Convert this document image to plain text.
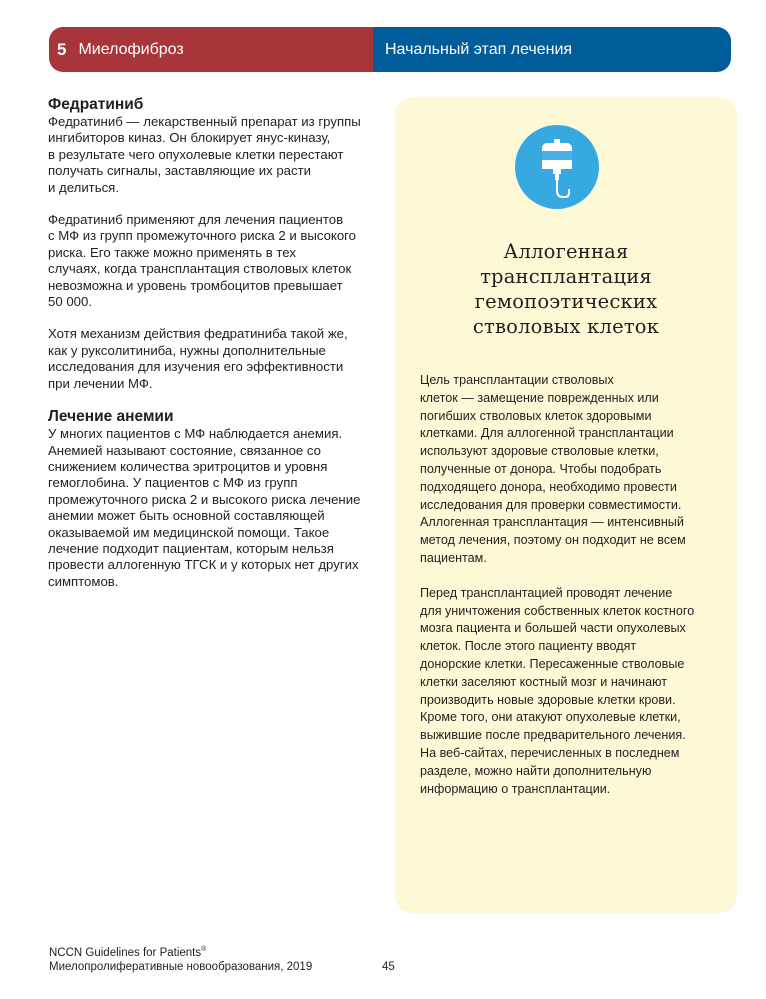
5 Миелофиброз	Начальный этап лечения
Федратиниб

Федратиниб — лекарственный препарат из группы
ингибиторов киназ. Он блокирует янус-киназу,
в результате чего опухолевые клетки перестают
получать сигналы, заставляющие их расти
и делиться.

Федратиниб применяют для лечения пациентов
с МФ из групп промежуточного риска 2 и высокого
риска. Его также можно применять в тех
случаях, когда трансплантация стволовых клеток
невозможна и уровень тромбоцитов превышает
50 000.

Хотя механизм действия федратиниба такой же,
как у руксолитиниба, нужны дополнительные
исследования для изучения его эффективности
при лечении МФ.

Лечение анемии

У многих пациентов с МФ наблюдается анемия.
Анемией называют состояние, связанное со
снижением количества эритроцитов и уровня
гемоглобина. У пациентов с МФ из групп
промежуточного риска 2 и высокого риска лечение
анемии может быть основной составляющей
оказываемой им медицинской помощи. Такое
лечение подходит пациентам, которым нельзя
провести аллогенную ТГСК и у которых нет других
симптомов.

Аллогенная
трансплантация
гемопоэтических
стволовых клеток

Цель трансплантации стволовых
клеток — замещение поврежденных или
погибших стволовых клеток здоровыми
клетками. Для аллогенной трансплантации
используют здоровые стволовые клетки,
полученные от донора. Чтобы подобрать
подходящего донора, необходимо провести
исследования для проверки совместимости.
Аллогенная трансплантация — интенсивный
метод лечения, поэтому он подходит не всем
пациентам.

Перед трансплантацией проводят лечение
для уничтожения собственных клеток костного
мозга пациента и большей части опухолевых
клеток. После этого пациенту вводят
донорские клетки. Пересаженные стволовые
клетки заселяют костный мозг и начинают
производить новые здоровые клетки крови.
Кроме того, они атакуют опухолевые клетки,
выжившие после предварительного лечения.
На веб-сайтах, перечисленных в последнем
разделе, можно найти дополнительную
информацию о трансплантации.

NCCN Guidelines for Patients®
Миелопролиферативные новообразования, 2019	45
